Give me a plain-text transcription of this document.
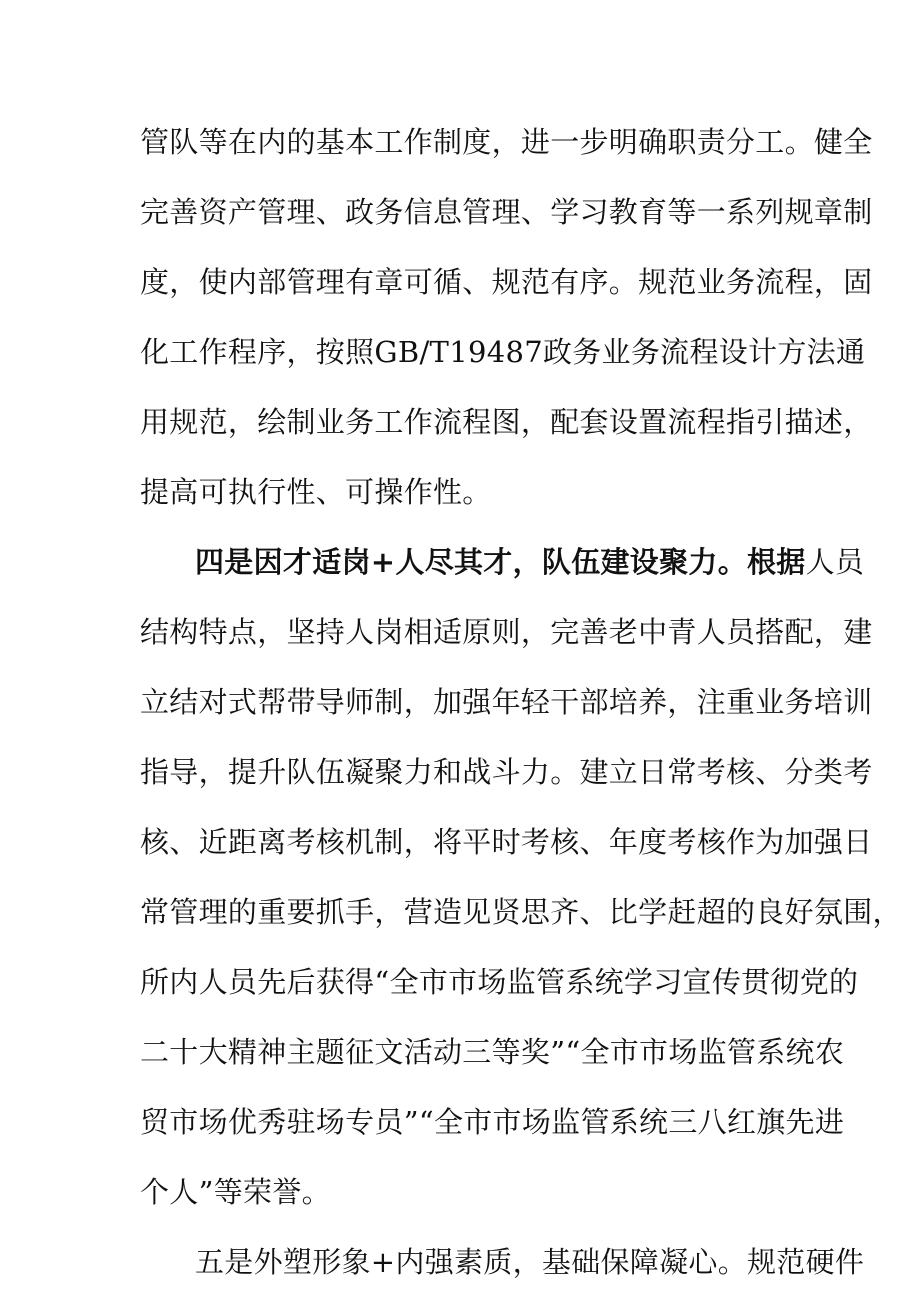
管队等在内的基本工作制度，进一步明确职责分工。健全
完善资产管理、政务信息管理、学习教育等一系列规章制
度，使内部管理有章可循、规范有序。规范业务流程，固
化工作程序，按照GB/T19487政务业务流程设计方法通
用规范，绘制业务工作流程图，配套设置流程指引描述，
提高可执行性、可操作性。
四是因才适岗+人尽其才，队伍建设聚力。根据人员
结构特点，坚持人岗相适原则，完善老中青人员搭配，建
立结对式帮带导师制，加强年轻干部培养，注重业务培训
指导，提升队伍凝聚力和战斗力。建立日常考核、分类考
核、近距离考核机制，将平时考核、年度考核作为加强日
常管理的重要抓手，营造见贤思齐、比学赶超的良好氛围，
所内人员先后获得“全市市场监管系统学习宣传贯彻党的
二十大精神主题征文活动三等奖”“全市市场监管系统农
贸市场优秀驻场专员”“全市市场监管系统三八红旗先进
个人”等荣誉。
五是外塑形象+内强素质，基础保障凝心。规范硬件
